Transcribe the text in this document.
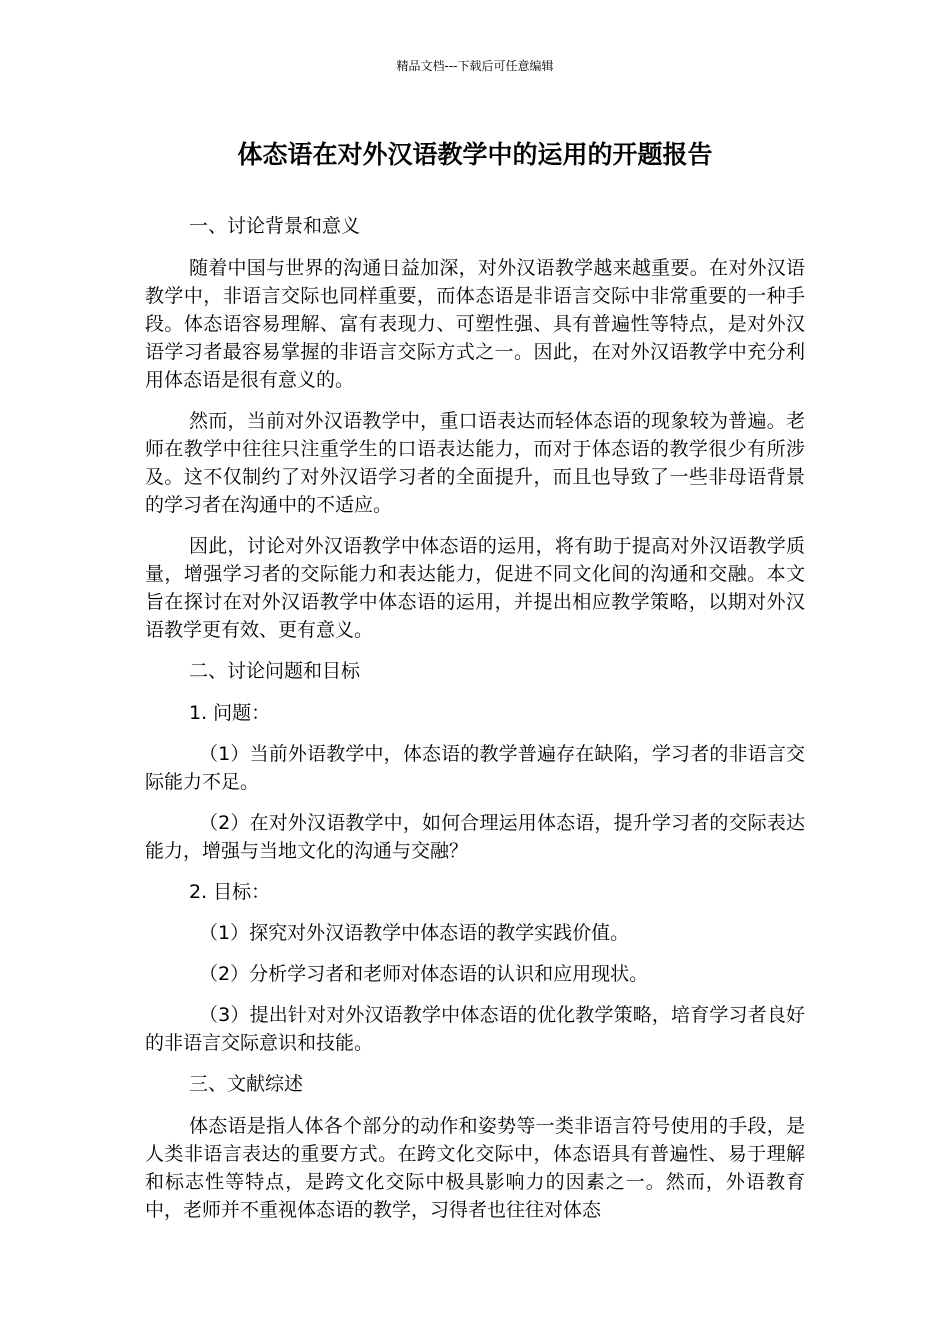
精品文档---下载后可任意编辑
体态语在对外汉语教学中的运用的开题报告
一、讨论背景和意义

随着中国与世界的沟通日益加深，对外汉语教学越来越重要。在对外汉语教学中，非语言交际也同样重要，而体态语是非语言交际中非常重要的一种手段。体态语容易理解、富有表现力、可塑性强、具有普遍性等特点，是对外汉语学习者最容易掌握的非语言交际方式之一。因此，在对外汉语教学中充分利用体态语是很有意义的。

然而，当前对外汉语教学中，重口语表达而轻体态语的现象较为普遍。老师在教学中往往只注重学生的口语表达能力，而对于体态语的教学很少有所涉及。这不仅制约了对外汉语学习者的全面提升，而且也导致了一些非母语背景的学习者在沟通中的不适应。

因此，讨论对外汉语教学中体态语的运用，将有助于提高对外汉语教学质量，增强学习者的交际能力和表达能力，促进不同文化间的沟通和交融。本文旨在探讨在对外汉语教学中体态语的运用，并提出相应教学策略，以期对外汉语教学更有效、更有意义。

二、讨论问题和目标
1. 问题：

（1）当前外语教学中，体态语的教学普遍存在缺陷，学习者的非语言交际能力不足。

（2）在对外汉语教学中，如何合理运用体态语，提升学习者的交际表达能力，增强与当地文化的沟通与交融？

2. 目标：

（1）探究对外汉语教学中体态语的教学实践价值。

（2）分析学习者和老师对体态语的认识和应用现状。

（3）提出针对对外汉语教学中体态语的优化教学策略，培育学习者良好的非语言交际意识和技能。

三、文献综述

体态语是指人体各个部分的动作和姿势等一类非语言符号使用的手段，是人类非语言表达的重要方式。在跨文化交际中，体态语具有普遍性、易于理解和标志性等特点，是跨文化交际中极具影响力的因素之一。然而，外语教育中，老师并不重视体态语的教学，习得者也往往对体态
